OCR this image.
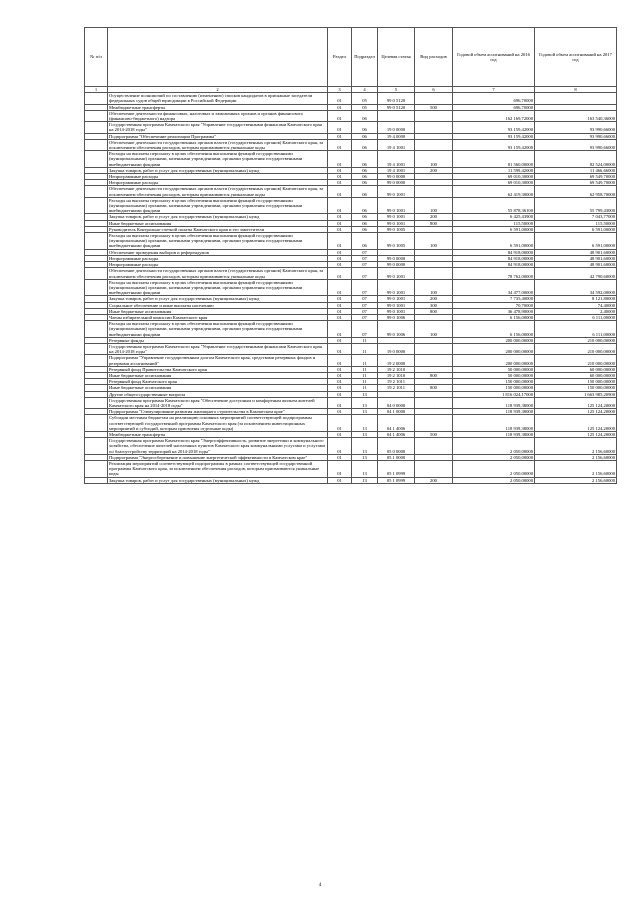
№ п/п		Раздел	Подраздел	Целевая статья	Вид расходов	Годовой объем ассигнований на 2016 год	Годовой объем ассигнований на 2017 год
1	2	3	4	5	6	7	8
	Осуществление полномочий по составлению (изменению) списков кандидатов в присяжные заседатели федеральных судов общей юрисдикции в Российской Федерации	01	05	99 0 5120		696,70000	
	Межбюджетные трансферты	01	05	99 0 5120	500	696,70000	
	Обеспечение деятельности финансовых, налоговых и таможенных органов и органов финансового (финансово-бюджетного) надзора	01	06			162 169,72000	163 540,36000
	Государственная программа Камчатского края "Управление государственными финансами Камчатского края на 2014-2018 годы"	01	06	19 0 0000		93 159,42000	93 990,66000
	Подпрограмма "Обеспечение реализации Программы"	01	06	19 4 0000		93 159,42000	93 990,66000
	Обеспечение деятельности государственных органов власти (государственных органов) Камчатского края, за исключением обеспечения расходов, которым присваиваются уникальные коды	01	06	19 4 1001		93 159,42000	93 990,66000
	Расходы на выплаты персоналу в целях обеспечения выполнения функций государственными (муниципальными) органами, казенными учреждениями, органами управления государственными внебюджетными фондами	01	06	19 4 1001	100	81 560,00000	82 524,00000
	Закупка товаров, работ и услуг для государственных (муниципальных) нужд	01	06	19 4 1001	200	11 599,42000	11 466,66000
	Непрограммные расходы	01	06	99 0 0000		69 010,30000	69 549,70000
	Непрограммные расходы	01	06	99 0 0000		69 010,30000	69 549,70000
	Обеспечение деятельности государственных органов власти (государственных органов) Камчатского края, за исключением обеспечения расходов, которым присваиваются уникальные коды	01	06	99 0 1001		62 419,30000	62 958,70000
	Расходы на выплаты персоналу в целях обеспечения выполнения функций государственными (муниципальными) органами, казенными учреждениями, органами управления государственными внебюджетными фондами	01	06	99 0 1001	100	55 878,36100	55 799,43000
	Закупка товаров, работ и услуг для государственных (муниципальных) нужд	01	06	99 0 1001	200	6 425,43900	7 043,77000
	Иные бюджетные ассигнования	01	06	99 0 1001	800	115,50000	115,50000
	Руководитель Контрольно-счетной палаты Камчатского края и его заместители	01	06	99 0 1005		6 591,00000	6 591,00000
	Расходы на выплаты персоналу в целях обеспечения выполнения функций государственными (муниципальными) органами, казенными учреждениями, органами управления государственными внебюджетными фондами	01	06	99 0 1005	100	6 591,00000	6 591,00000
	Обеспечение проведения выборов и референдумов	01	07			84 918,00000	48 901,60000
	Непрограммные расходы	01	07	99 0 0000		84 918,00000	48 901,60000
	Непрограммные расходы	01	07	99 0 0000		84 918,00000	48 901,60000
	Обеспечение деятельности государственных органов власти (государственных органов) Камчатского края, за исключением обеспечения расходов, которым присваиваются уникальные коды	01	07	99 0 1001		78 762,00000	42 790,60000
	Расходы на выплаты персоналу в целях обеспечения выполнения функций государственными (муниципальными) органами, казенными учреждениями, органами управления государственными внебюджетными фондами	01	07	99 0 1001	100	34 477,00000	34 592,00000
	Закупка товаров, работ и услуг для государственных (муниципальных) нужд	01	07	99 0 1001	200	7 735,40000	8 121,80000
	Социальное обеспечение и иные выплаты населению	01	07	99 0 1001	300	70,70000	74,40000
	Иные бюджетные ассигнования	01	07	99 0 1001	800	36 478,90000	2,40000
	Члены избирательной комиссии Камчатского края	01	07	99 0 1006		6 156,00000	6 111,00000
	Расходы на выплаты персоналу в целях обеспечения выполнения функций государственными (муниципальными) органами, казенными учреждениями, органами управления государственными внебюджетными фондами	01	07	99 0 1006	100	6 156,00000	6 111,00000
	Резервные фонды	01	11			200 000,00000	210 000,00000
	Государственная программа Камчатского края "Управление государственными финансами Камчатского края на 2014-2018 годы"	01	11	19 0 0000		200 000,00000	210 000,00000
	Подпрограмма "Управление государственным долгом Камчатского края, средствами резервных фондов и резервами ассигнований"	01	11	19 2 0000		200 000,00000	210 000,00000
	Резервный фонд Правительства Камчатского края	01	11	19 2 1010		50 000,00000	60 000,00000
	Иные бюджетные ассигнования	01	11	19 2 1010	800	50 000,00000	60 000,00000
	Резервный фонд Камчатского края	01	11	19 2 1011		150 000,00000	150 000,00000
	Иные бюджетные ассигнования	01	11	19 2 1011	800	150 000,00000	150 000,00000
	Другие общегосударственные вопросы	01	13			1 816 024,17000	1 663 985,20900
	Государственная программа Камчатского края "Обеспечение доступным и комфортным жильем жителей Камчатского края на 2014-2018 годы"	01	13	04 0 0000		118 939,38000	125 124,20000
	Подпрограмма "Стимулирование развития жилищного строительства в Камчатском крае"	01	13	04 1 0000		118 939,38000	125 124,20000
	Субсидии местным бюджетам на реализацию основных мероприятий соответствующей подпрограммы соответствующей государственной программы Камчатского края (за исключением инвестиционных мероприятий и субсидий, которым присвоены отдельные коды)	01	13	04 1 4006		118 939,38000	125 124,20000
	Межбюджетные трансферты	01	13	04 1 4006	500	118 939,38000	125 124,20000
	Государственная программа Камчатского края "Энергоэффективность, развитие энергетики и коммунального хозяйства, обеспечение жителей населенных пунктов Камчатского края коммунальными услугами и услугами по благоустройству территорий на 2014-2018 годы"	01	13	05 0 0000		2 050,00000	2 156,60000
	Подпрограмма "Энергосбережение и повышение энергетической эффективности в Камчатском крае"	01	13	05 1 0000		2 050,00000	2 156,60000
	Реализация мероприятий соответствующей подпрограммы в рамках соответствующей государственной программы Камчатского края, за исключением обеспечения расходов, которым присваиваются уникальные коды	01	13	05 1 0999		2 050,00000	2 156,60000
	Закупка товаров, работ и услуг для государственных (муниципальных) нужд	01	13	05 1 0999	200	2 050,00000	2 156,60000
4
